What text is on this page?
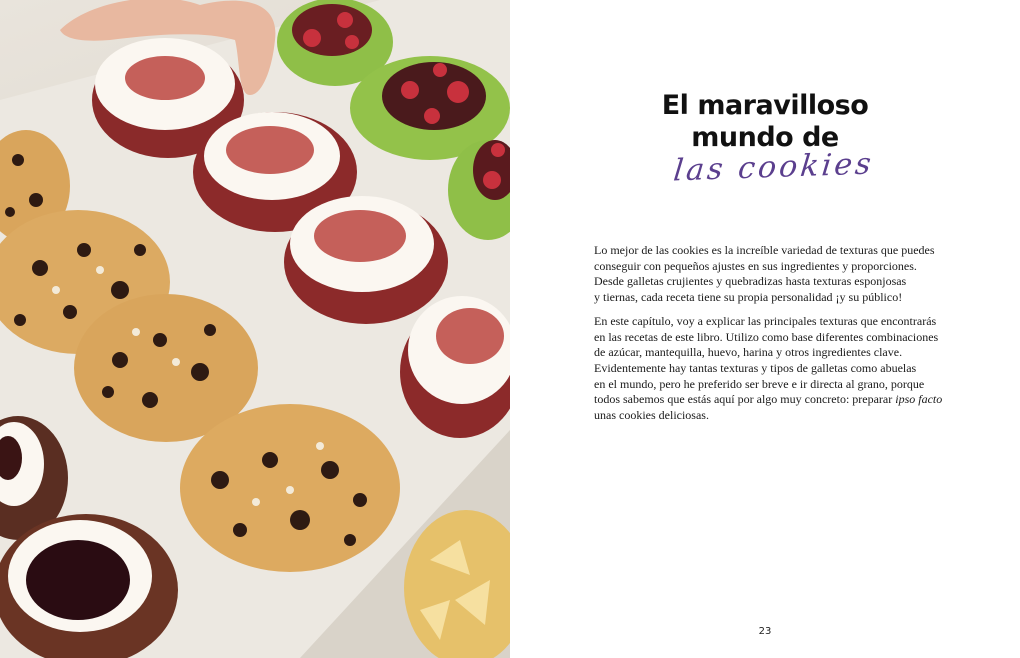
El maravilloso
mundo de
las cookies

Lo mejor de las cookies es la increíble variedad de texturas que puedes
conseguir con pequeños ajustes en sus ingredientes y proporciones.
Desde galletas crujientes y quebradizas hasta texturas esponjosas
y tiernas, cada receta tiene su propia personalidad ¡y su público!

En este capítulo, voy a explicar las principales texturas que encontrarás
en las recetas de este libro. Utilizo como base diferentes combinaciones
de azúcar, mantequilla, huevo, harina y otros ingredientes clave.
Evidentemente hay tantas texturas y tipos de galletas como abuelas
en el mundo, pero he preferido ser breve e ir directa al grano, porque
todos sabemos que estás aquí por algo muy concreto: preparar ipso facto
unas cookies deliciosas.

23
